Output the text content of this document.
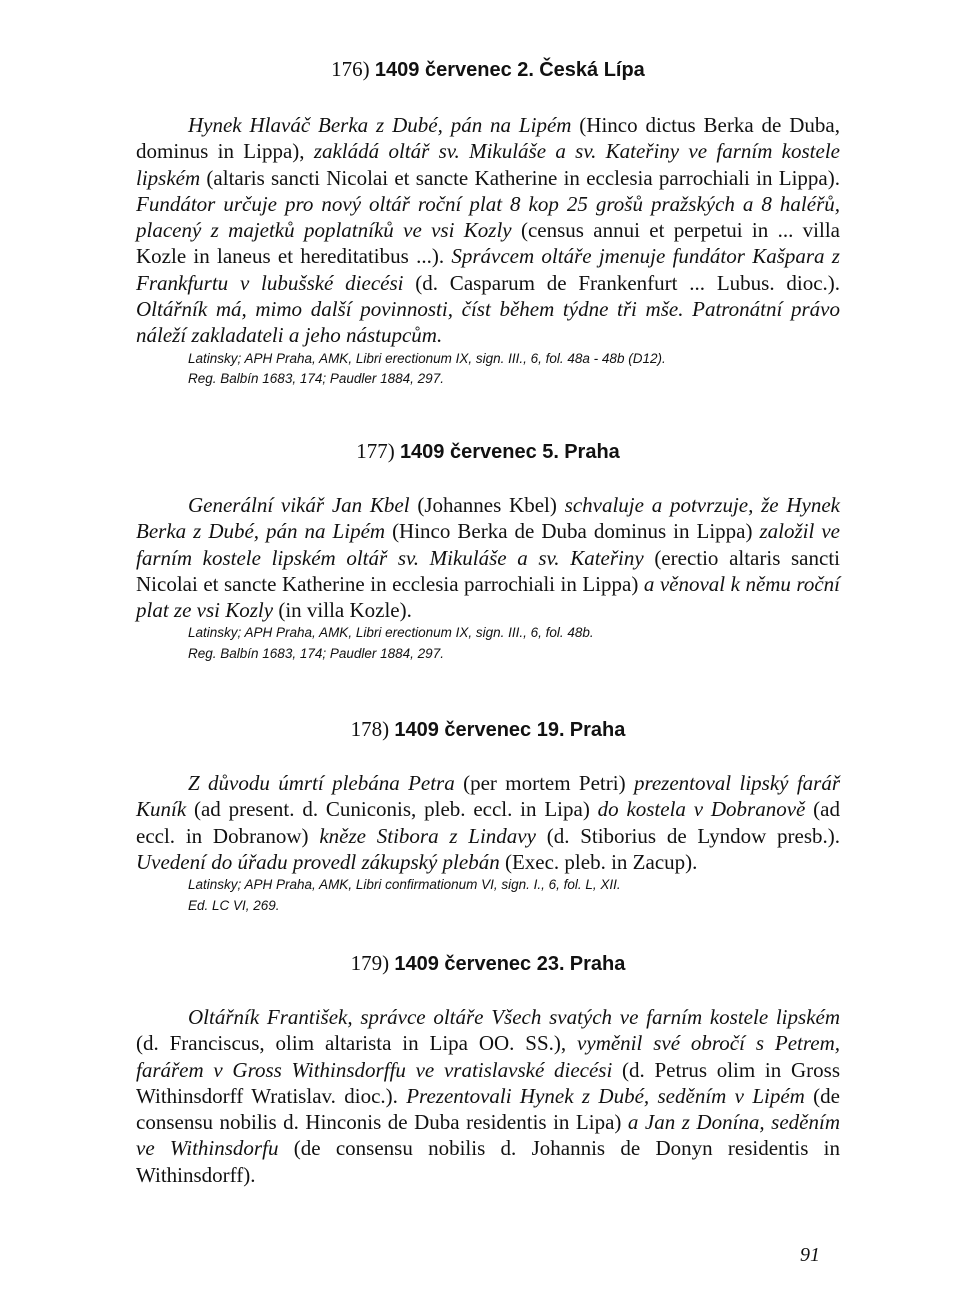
176) 1409 červenec 2. Česká Lípa
Hynek Hlaváč Berka z Dubé, pán na Lipém (Hinco dictus Berka de Duba, dominus in Lippa), zakládá oltář sv. Mikuláše a sv. Kateřiny ve farním kostele lipském (altaris sancti Nicolai et sancte Katherine in ecclesia parrochiali in Lippa). Fundátor určuje pro nový oltář roční plat 8 kop 25 grošů pražských a 8 haléřů, placený z majetků poplatníků ve vsi Kozly (census annui et perpetui in ... villa Kozle in laneus et hereditatibus ...). Správcem oltáře jmenuje fundátor Kašpara z Frankfurtu v lubušské diecési (d. Casparum de Frankenfurt ... Lubus. dioc.). Oltářník má, mimo další povinnosti, číst během týdne tři mše. Patronátní právo náleží zakladateli a jeho nástupcům.
Latinsky; APH Praha, AMK, Libri erectionum IX, sign. III., 6, fol. 48a - 48b (D12).
Reg. Balbín 1683, 174; Paudler 1884, 297.
177) 1409 červenec 5. Praha
Generální vikář Jan Kbel (Johannes Kbel) schvaluje a potvrzuje, že Hynek Berka z Dubé, pán na Lipém (Hinco Berka de Duba dominus in Lippa) založil ve farním kostele lipském oltář sv. Mikuláše a sv. Kateřiny (erectio altaris sancti Nicolai et sancte Katherine in ecclesia parrochiali in Lippa) a věnoval k němu roční plat ze vsi Kozly (in villa Kozle).
Latinsky; APH Praha, AMK, Libri erectionum IX, sign. III., 6, fol. 48b.
Reg. Balbín 1683, 174; Paudler 1884, 297.
178) 1409 červenec 19. Praha
Z důvodu úmrtí plebána Petra (per mortem Petri) prezentoval lipský farář Kuník (ad present. d. Cuniconis, pleb. eccl. in Lipa) do kostela v Dobranově (ad eccl. in Dobranow) kněze Stibora z Lindavy (d. Stiborius de Lyndow presb.). Uvedení do úřadu provedl zákupský plebán (Exec. pleb. in Zacup).
Latinsky; APH Praha, AMK, Libri confirmationum VI, sign. I., 6, fol. L, XII.
Ed. LC VI, 269.
179) 1409 červenec 23. Praha
Oltářník František, správce oltáře Všech svatých ve farním kostele lipském (d. Franciscus, olim altarista in Lipa OO. SS.), vyměnil své obročí s Petrem, farářem v Gross Withinsdorffu ve vratislavské diecési (d. Petrus olim in Gross Withinsdorff Wratislav. dioc.). Prezentovali Hynek z Dubé, seděním v Lipém (de consensu nobilis d. Hinconis de Duba residentis in Lipa) a Jan z Donína, seděním ve Withinsdorfu (de consensu nobilis d. Johannis de Donyn residentis in Withinsdorff).
91
